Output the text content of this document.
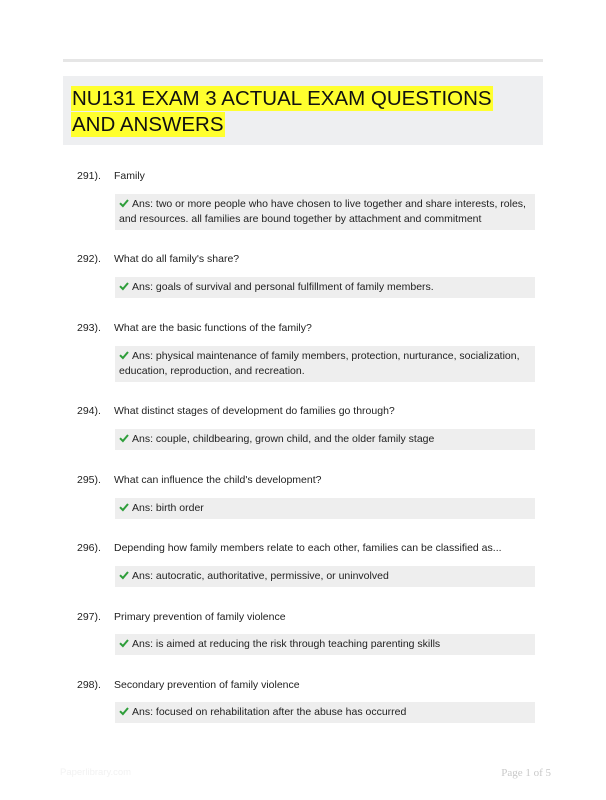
NU131 EXAM 3 ACTUAL EXAM QUESTIONS AND ANSWERS
291). Family
Ans: two or more people who have chosen to live together and share interests, roles, and resources. all families are bound together by attachment and commitment
292). What do all family's share?
Ans: goals of survival and personal fulfillment of family members.
293). What are the basic functions of the family?
Ans: physical maintenance of family members, protection, nurturance, socialization, education, reproduction, and recreation.
294). What distinct stages of development do families go through?
Ans: couple, childbearing, grown child, and the older family stage
295). What can influence the child's development?
Ans: birth order
296). Depending how family members relate to each other, families can be classified as...
Ans: autocratic, authoritative, permissive, or uninvolved
297). Primary prevention of family violence
Ans: is aimed at reducing the risk through teaching parenting skills
298). Secondary prevention of family violence
Ans: focused on rehabilitation after the abuse has occurred
Paperlibrary.com	Page 1 of 5
